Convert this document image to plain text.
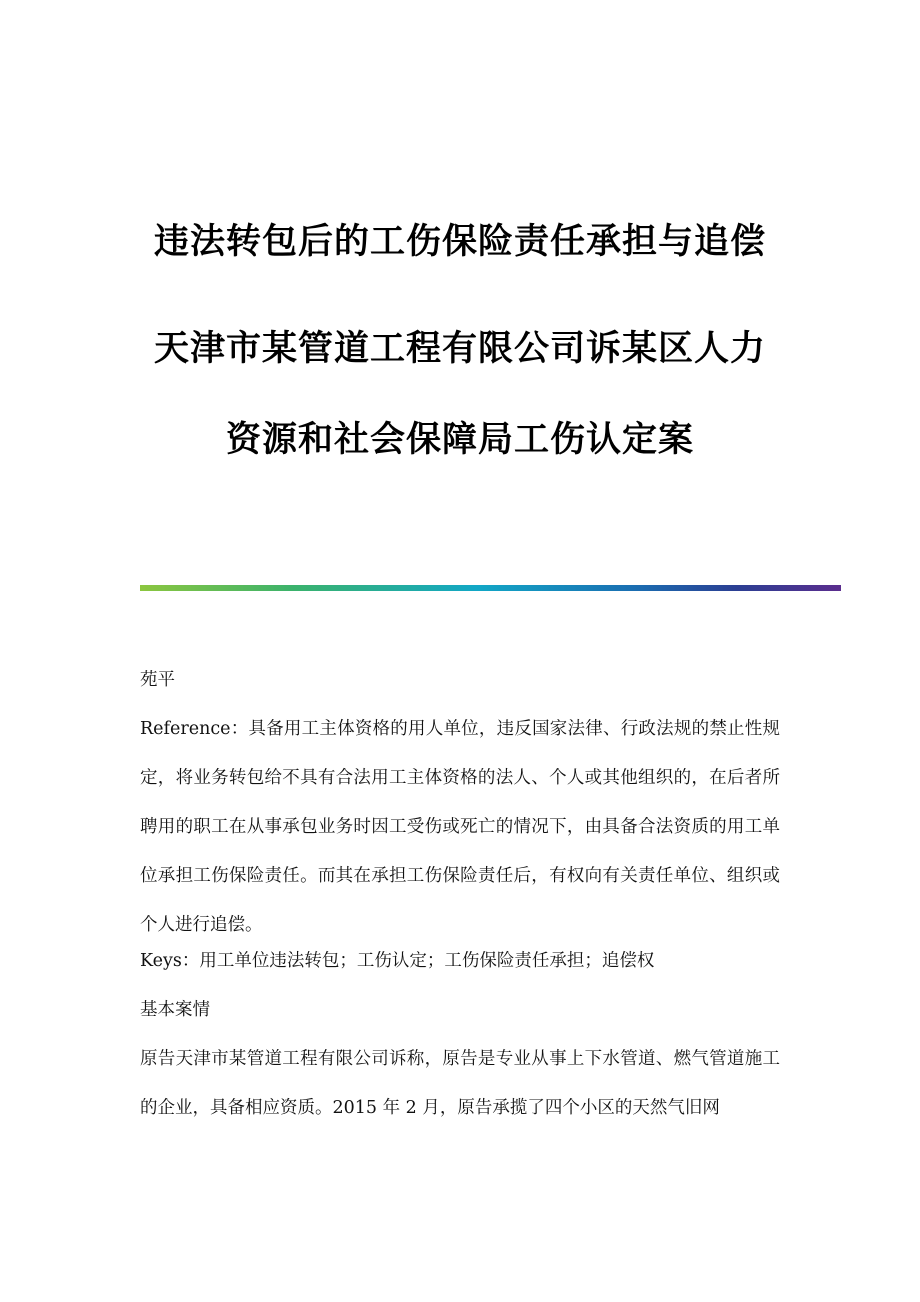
违法转包后的工伤保险责任承担与追偿
天津市某管道工程有限公司诉某区人力
资源和社会保障局工伤认定案

苑平

Reference：具备用工主体资格的用人单位，违反国家法律、行政法规的禁止性规定，将业务转包给不具有合法用工主体资格的法人、个人或其他组织的，在后者所聘用的职工在从事承包业务时因工受伤或死亡的情况下，由具备合法资质的用工单位承担工伤保险责任。而其在承担工伤保险责任后，有权向有关责任单位、组织或个人进行追偿。

Keys：用工单位违法转包；工伤认定；工伤保险责任承担；追偿权

基本案情

原告天津市某管道工程有限公司诉称，原告是专业从事上下水管道、燃气管道施工的企业，具备相应资质。2015 年 2 月，原告承揽了四个小区的天然气旧网
